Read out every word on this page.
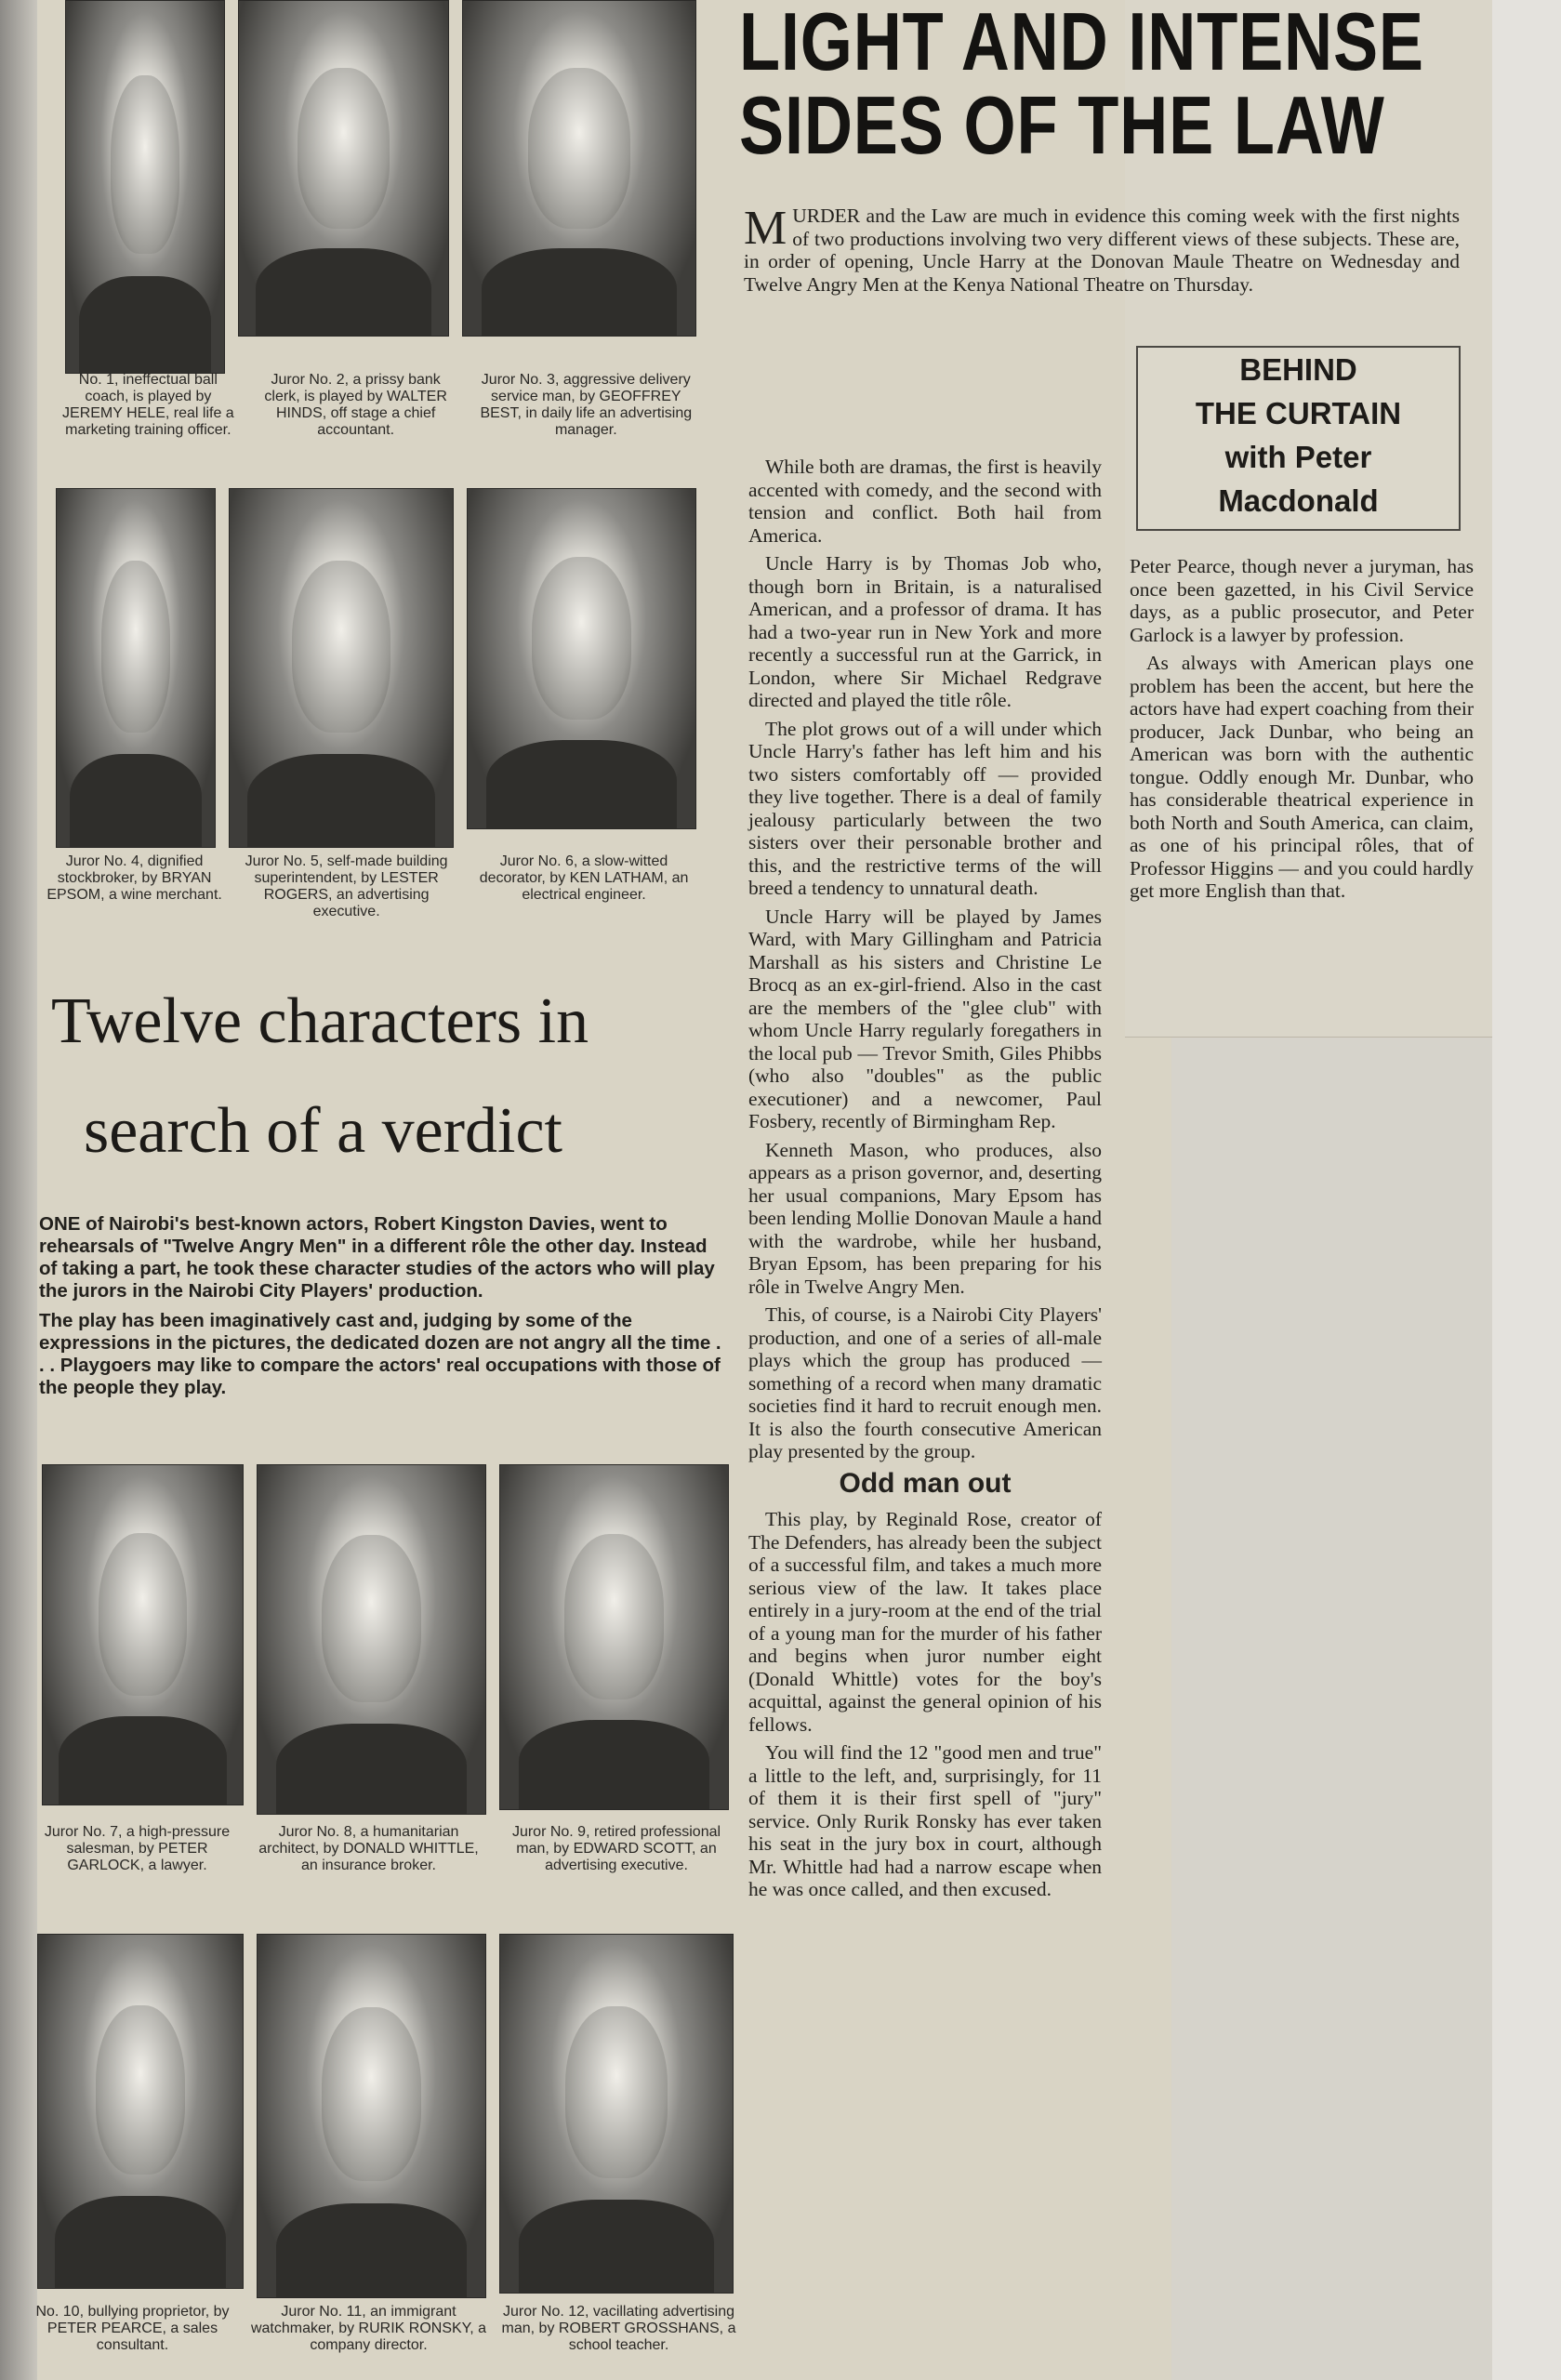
LIGHT AND INTENSE
SIDES OF THE LAW
No. 1, ineffectual ball coach, is played by JEREMY HELE, real life a marketing training officer.
Juror No. 2, a prissy bank clerk, is played by WALTER HINDS, off stage a chief accountant.
Juror No. 3, aggressive delivery service man, by GEOFFREY BEST, in daily life an advertising manager.
Juror No. 4, dignified stockbroker, by BRYAN EPSOM, a wine merchant.
Juror No. 5, self-made building superintendent, by LESTER ROGERS, an advertising executive.
Juror No. 6, a slow-witted decorator, by KEN LATHAM, an electrical engineer.
Twelve characters in
search of a verdict

ONE of Nairobi's best-known actors, Robert Kingston Davies, went to rehearsals of "Twelve Angry Men" in a different rôle the other day. Instead of taking a part, he took these character studies of the actors who will play the jurors in the Nairobi City Players' production.

The play has been imaginatively cast and, judging by some of the expressions in the pictures, the dedicated dozen are not angry all the time . . . Playgoers may like to compare the actors' real occupations with those of the people they play.

Juror No. 7, a high-pressure salesman, by PETER GARLOCK, a lawyer.
Juror No. 8, a humanitarian architect, by DONALD WHITTLE, an insurance broker.
Juror No. 9, retired professional man, by EDWARD SCOTT, an advertising executive.
No. 10, bullying proprietor, by PETER PEARCE, a sales consultant.
Juror No. 11, an immigrant watchmaker, by RURIK RONSKY, a company director.
Juror No. 12, vacillating advertising man, by ROBERT GROSSHANS, a school teacher.

MURDER and the Law are much in evidence this coming week with the first nights of two productions involving two very different views of these subjects. These are, in order of opening, Uncle Harry at the Donovan Maule Theatre on Wednesday and Twelve Angry Men at the Kenya National Theatre on Thursday.

While both are dramas, the first is heavily accented with comedy, and the second with tension and conflict. Both hail from America.

Uncle Harry is by Thomas Job who, though born in Britain, is a naturalised American, and a professor of drama. It has had a two-year run in New York and more recently a successful run at the Garrick, in London, where Sir Michael Redgrave directed and played the title rôle.

The plot grows out of a will under which Uncle Harry's father has left him and his two sisters comfortably off — provided they live together. There is a deal of family jealousy particularly between the two sisters over their personable brother and this, and the restrictive terms of the will breed a tendency to unnatural death.

Uncle Harry will be played by James Ward, with Mary Gillingham and Patricia Marshall as his sisters and Christine Le Brocq as an ex-girl-friend. Also in the cast are the members of the "glee club" with whom Uncle Harry regularly foregathers in the local pub — Trevor Smith, Giles Phibbs (who also "doubles" as the public executioner) and a newcomer, Paul Fosbery, recently of Birmingham Rep.

Kenneth Mason, who produces, also appears as a prison governor, and, deserting her usual companions, Mary Epsom has been lending Mollie Donovan Maule a hand with the wardrobe, while her husband, Bryan Epsom, has been preparing for his rôle in Twelve Angry Men.

This, of course, is a Nairobi City Players' production, and one of a series of all-male plays which the group has produced — something of a record when many dramatic societies find it hard to recruit enough men. It is also the fourth consecutive American play presented by the group.

Odd man out

This play, by Reginald Rose, creator of The Defenders, has already been the subject of a successful film, and takes a much more serious view of the law. It takes place entirely in a jury-room at the end of the trial of a young man for the murder of his father and begins when juror number eight (Donald Whittle) votes for the boy's acquittal, against the general opinion of his fellows.

You will find the 12 "good men and true" a little to the left, and, surprisingly, for 11 of them it is their first spell of "jury" service. Only Rurik Ronsky has ever taken his seat in the jury box in court, although Mr. Whittle had had a narrow escape when he was once called, and then excused.

BEHIND
THE CURTAIN
with Peter
Macdonald

Peter Pearce, though never a juryman, has once been gazetted, in his Civil Service days, as a public prosecutor, and Peter Garlock is a lawyer by profession.

As always with American plays one problem has been the accent, but here the actors have had expert coaching from their producer, Jack Dunbar, who being an American was born with the authentic tongue. Oddly enough Mr. Dunbar, who has considerable theatrical experience in both North and South America, can claim, as one of his principal rôles, that of Professor Higgins — and you could hardly get more English than that.
